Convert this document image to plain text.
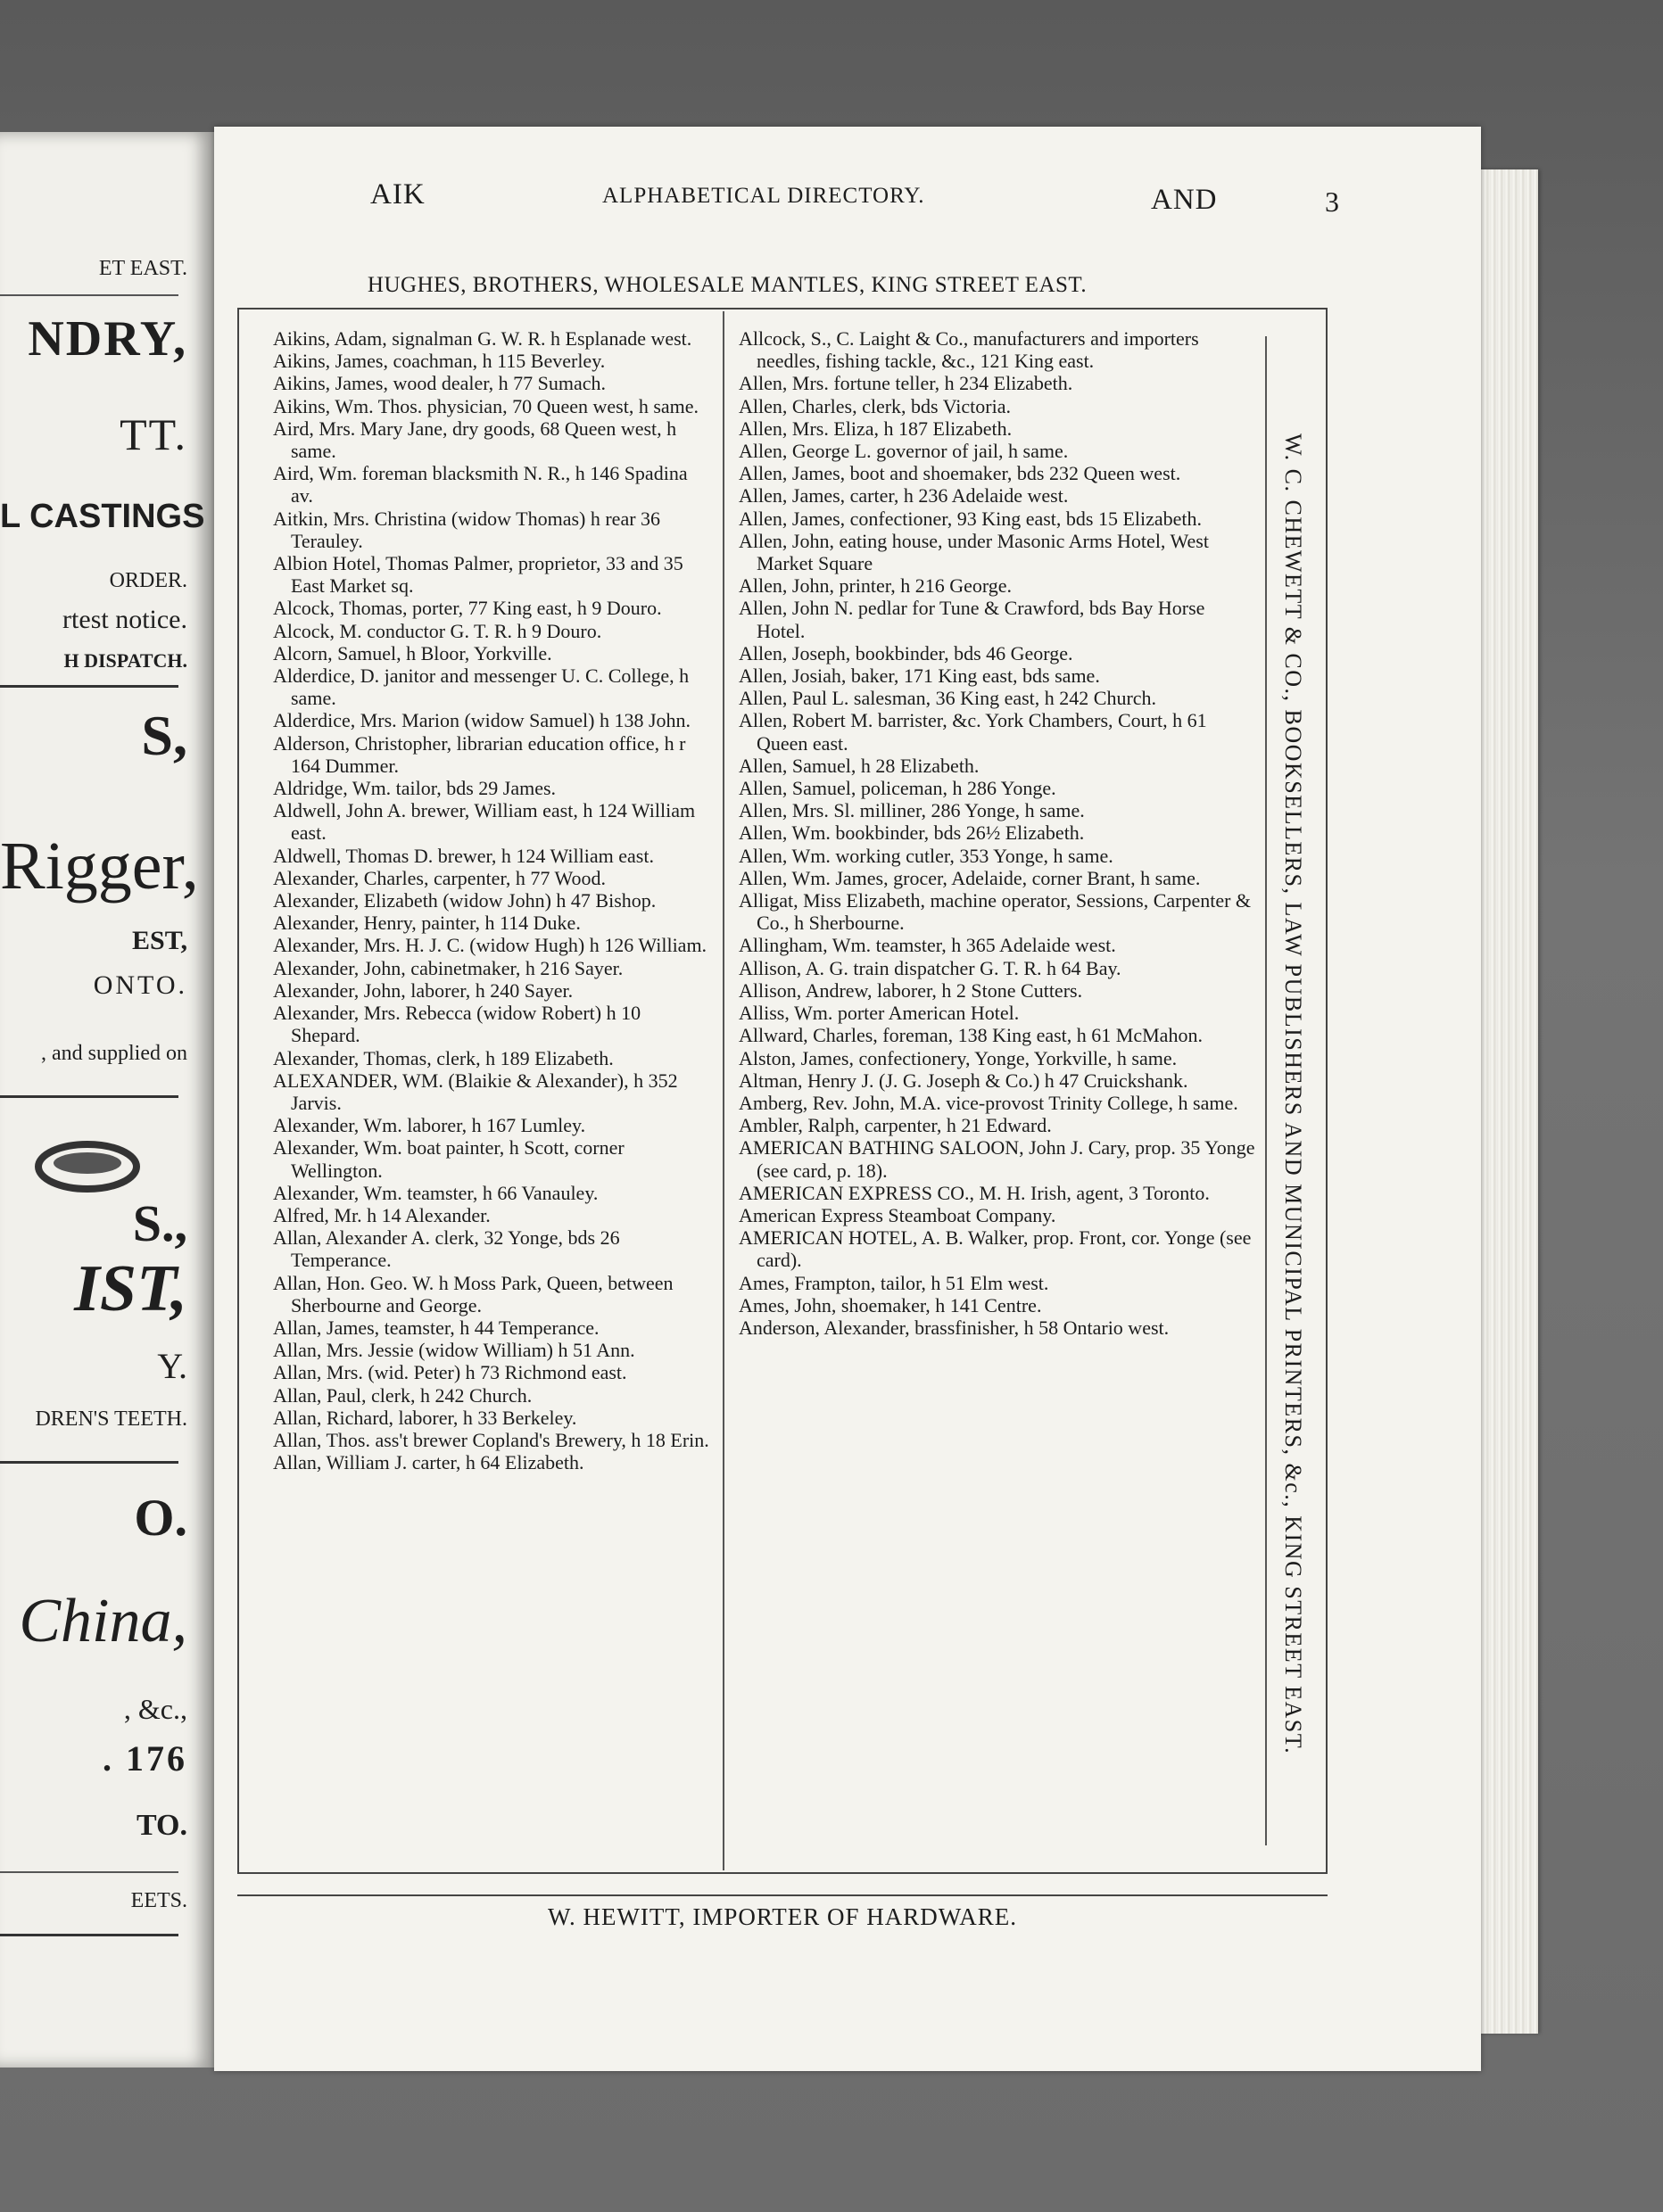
ET EAST.
NDRY,
TT.
L CASTINGS
ORDER.
rtest notice.
H DISPATCH.
S,
Rigger,
EST,
ONTO.
, and supplied on
S.,
IST,
Y.
DREN'S TEETH.
O.
China,
, &c.,
. 176
TO.
EETS.
AIK	ALPHABETICAL DIRECTORY.	AND	3
HUGHES, BROTHERS, WHOLESALE MANTLES, KING STREET EAST.

Aikins, Adam, signalman G. W. R. h Esplanade west.

Aikins, James, coachman, h 115 Beverley.

Aikins, James, wood dealer, h 77 Sumach.

Aikins, Wm. Thos. physician, 70 Queen west, h same.

Aird, Mrs. Mary Jane, dry goods, 68 Queen west, h same.

Aird, Wm. foreman blacksmith N. R., h 146 Spadina av.

Aitkin, Mrs. Christina (widow Thomas) h rear 36 Terauley.

Albion Hotel, Thomas Palmer, proprietor, 33 and 35 East Market sq.

Alcock, Thomas, porter, 77 King east, h 9 Douro.

Alcock, M. conductor G. T. R. h 9 Douro.

Alcorn, Samuel, h Bloor, Yorkville.

Alderdice, D. janitor and messenger U. C. College, h same.

Alderdice, Mrs. Marion (widow Samuel) h 138 John.

Alderson, Christopher, librarian education office, h r 164 Dummer.

Aldridge, Wm. tailor, bds 29 James.

Aldwell, John A. brewer, William east, h 124 William east.

Aldwell, Thomas D. brewer, h 124 William east.

Alexander, Charles, carpenter, h 77 Wood.

Alexander, Elizabeth (widow John) h 47 Bishop.

Alexander, Henry, painter, h 114 Duke.

Alexander, Mrs. H. J. C. (widow Hugh) h 126 William.

Alexander, John, cabinetmaker, h 216 Sayer.

Alexander, John, laborer, h 240 Sayer.

Alexander, Mrs. Rebecca (widow Robert) h 10 Shepard.

Alexander, Thomas, clerk, h 189 Elizabeth.

ALEXANDER, WM. (Blaikie & Alexander), h 352 Jarvis.

Alexander, Wm. laborer, h 167 Lumley.

Alexander, Wm. boat painter, h Scott, corner Wellington.

Alexander, Wm. teamster, h 66 Vanauley.

Alfred, Mr. h 14 Alexander.

Allan, Alexander A. clerk, 32 Yonge, bds 26 Temperance.

Allan, Hon. Geo. W. h Moss Park, Queen, between Sherbourne and George.

Allan, James, teamster, h 44 Temperance.

Allan, Mrs. Jessie (widow William) h 51 Ann.

Allan, Mrs. (wid. Peter) h 73 Richmond east.

Allan, Paul, clerk, h 242 Church.

Allan, Richard, laborer, h 33 Berkeley.

Allan, Thos. ass't brewer Copland's Brewery, h 18 Erin.

Allan, William J. carter, h 64 Elizabeth.

Allcock, S., C. Laight & Co., manufacturers and importers needles, fishing tackle, &c., 121 King east.

Allen, Mrs. fortune teller, h 234 Elizabeth.

Allen, Charles, clerk, bds Victoria.

Allen, Mrs. Eliza, h 187 Elizabeth.

Allen, George L. governor of jail, h same.

Allen, James, boot and shoemaker, bds 232 Queen west.

Allen, James, carter, h 236 Adelaide west.

Allen, James, confectioner, 93 King east, bds 15 Elizabeth.

Allen, John, eating house, under Masonic Arms Hotel, West Market Square

Allen, John, printer, h 216 George.

Allen, John N. pedlar for Tune & Crawford, bds Bay Horse Hotel.

Allen, Joseph, bookbinder, bds 46 George.

Allen, Josiah, baker, 171 King east, bds same.

Allen, Paul L. salesman, 36 King east, h 242 Church.

Allen, Robert M. barrister, &c. York Chambers, Court, h 61 Queen east.

Allen, Samuel, h 28 Elizabeth.

Allen, Samuel, policeman, h 286 Yonge.

Allen, Mrs. Sl. milliner, 286 Yonge, h same.

Allen, Wm. bookbinder, bds 26½ Elizabeth.

Allen, Wm. working cutler, 353 Yonge, h same.

Allen, Wm. James, grocer, Adelaide, corner Brant, h same.

Alligat, Miss Elizabeth, machine operator, Sessions, Carpenter & Co., h Sherbourne.

Allingham, Wm. teamster, h 365 Adelaide west.

Allison, A. G. train dispatcher G. T. R. h 64 Bay.

Allison, Andrew, laborer, h 2 Stone Cutters.

Alliss, Wm. porter American Hotel.

Allward, Charles, foreman, 138 King east, h 61 McMahon.

Alston, James, confectionery, Yonge, Yorkville, h same.

Altman, Henry J. (J. G. Joseph & Co.) h 47 Cruickshank.

Amberg, Rev. John, M.A. vice-provost Trinity College, h same.

Ambler, Ralph, carpenter, h 21 Edward.

AMERICAN BATHING SALOON, John J. Cary, prop. 35 Yonge (see card, p. 18).

AMERICAN EXPRESS CO., M. H. Irish, agent, 3 Toronto.

American Express Steamboat Company.

AMERICAN HOTEL, A. B. Walker, prop. Front, cor. Yonge (see card).

Ames, Frampton, tailor, h 51 Elm west.

Ames, John, shoemaker, h 141 Centre.

Anderson, Alexander, brassfinisher, h 58 Ontario west.	W. C. CHEWETT & CO., BOOKSELLERS, LAW PUBLISHERS AND MUNICIPAL PRINTERS, &c., KING STREET EAST.
W. HEWITT, IMPORTER OF HARDWARE.
